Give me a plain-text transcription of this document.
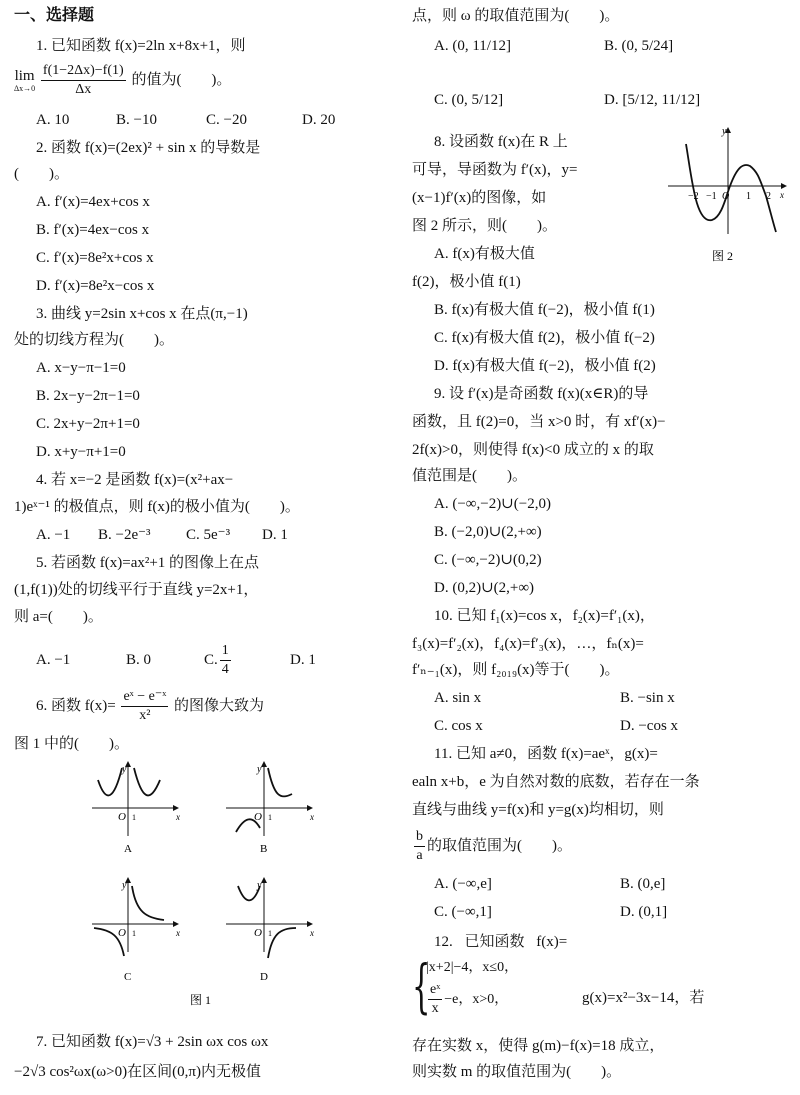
一、选择题
1. 已知函数 f(x)=2ln x+8x+1，则
lim
Δx→0
$\frac{f(1-2\Delta x)-f(1)}{\Delta x}$ 的值为(　　)。
A. 10	B. −10	C. −20	D. 20
2. 函数 f(x)=(2ex)² + sin x 的导数是
(　　)。
A. f′(x)=4ex+cos x
B. f′(x)=4ex−cos x
C. f′(x)=8e²x+cos x
D. f′(x)=8e²x−cos x
3. 曲线 y=2sin x+cos x 在点(π,−1)
处的切线方程为(　　)。
A. x−y−π−1=0
B. 2x−y−2π−1=0
C. 2x+y−2π+1=0
D. x+y−π+1=0
4. 若 x=−2 是函数 f(x)=(x²+ax−
1)eˣ⁻¹ 的极值点，则 f(x)的极小值为(　　)。
A. −1 B. −2e⁻³ C. 5e⁻³ D. 1
5. 若函数 f(x)=ax²+1 的图像上在点
(1,f(1))处的切线平行于直线 y=2x+1，
则 a=(　　)。
A. −1	B. 0	C. $\frac{1}{4}$	D. 1
6. 函数 $f(x)= \frac{\text{eˣ − e⁻ˣ}}{\text{x²}}$ 的图像大致为
图 1 中的(　　)。
y
x
O 1
A
y
x
O 1
B
y
x
O 1
C
y
x
O 1
D
图 1
7. 已知函数 f(x)=√3 + 2sin ωx cos ωx
−2√3 cos²ωx(ω>0)在区间(0,π)内无极值
点，则 ω 的取值范围为(　　)。
A. (0, 11/12]	B. (0, 5/24]
C. (0, 5/12]	D. [5/12, 11/12]
8. 设函数 f(x)在 R 上
可导，导函数为 f′(x)，y=
(x−1)f′(x)的图像，如
图 2 所示，则(　　)。
y
x
−2 −1 O 1 2
图 2
A. f(x)有极大值
f(2)，极小值 f(1)
B. f(x)有极大值 f(−2)，极小值 f(1)
C. f(x)有极大值 f(2)，极小值 f(−2)
D. f(x)有极大值 f(−2)，极小值 f(2)
9. 设 f′(x)是奇函数 f(x)(x∈R)的导
函数，且 f(2)=0，当 x>0 时，有 xf′(x)−
2f(x)>0，则使得 f(x)<0 成立的 x 的取
值范围是(　　)。
A. (−∞,−2)∪(−2,0)
B. (−2,0)∪(2,+∞)
C. (−∞,−2)∪(0,2)
D. (0,2)∪(2,+∞)
10. 已知 f₁(x)=cos x，f₂(x)=f′₁(x)，
f₃(x)=f′₂(x)，f₄(x)=f′₃(x)，…，fₙ(x)=
f′ₙ₋₁(x)，则 f₂₀₁₉(x)等于(　　)。
A. sin x	B. −sin x
C. cos x	D. −cos x
11. 已知 a≠0，函数 f(x)=aeˣ，g(x)=
ealn x+b，e 为自然对数的底数，若存在一条
直线与曲线 y=f(x)和 y=g(x)均相切，则
$\frac{b}{a}$ 的取值范围为(　　)。
A. (−∞,e]	B. (0,e]
C. (−∞,1]	D. (0,1]
12. 已知函数 f(x)=
{
|x+2|−4，x≤0，
$\frac{\text{eˣ}}{x} -e$，x>0，	g(x)=x²−3x−14，若
存在实数 x，使得 g(m)−f(x)=18 成立，
则实数 m 的取值范围为(　　)。
